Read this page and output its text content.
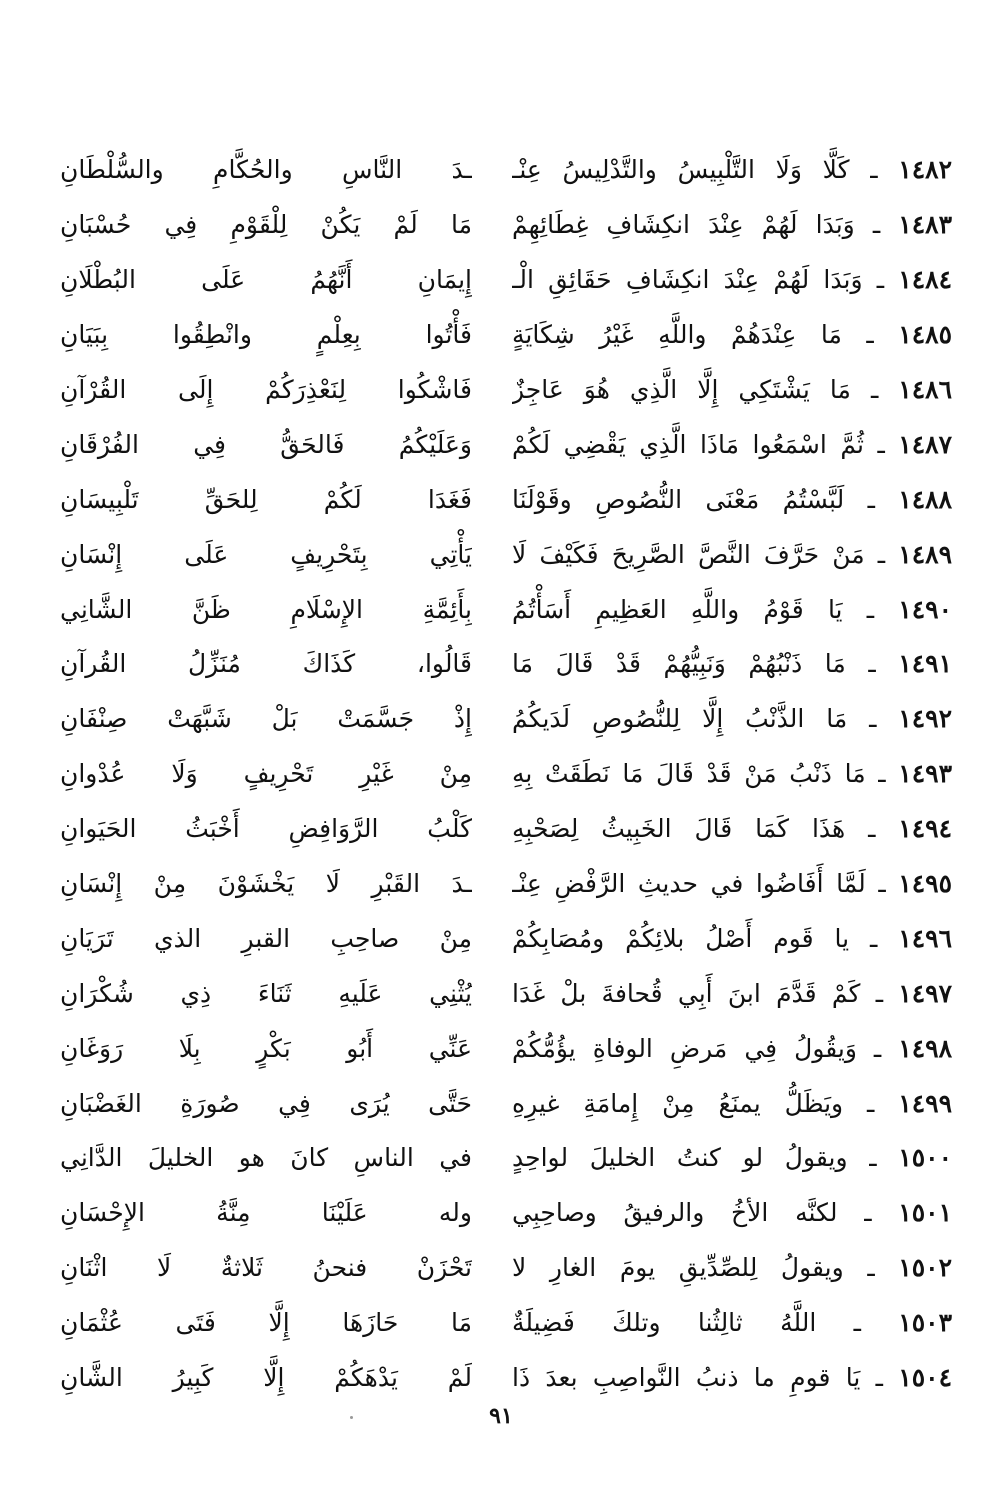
١٤٨٢ ـ كَلَّا وَلَا التَّلْبِيسُ والتَّدْلِيسُ عِنْـ
ـدَ النَّاسِ والحُكَّامِ والسُّلْطَانِ
١٤٨٣ ـ وَبَدَا لَهُمْ عِنْدَ انكِشَافِ غِطَائِهِمْ
مَا لَمْ يَكُنْ لِلْقَوْمِ فِي حُسْبَانِ
١٤٨٤ ـ وَبَدَا لَهُمْ عِنْدَ انكِشَافِ حَقَائِقِ الْـ
إِيمَانِ أَنَّهُمُ عَلَى البُطْلَانِ
١٤٨٥ ـ مَا عِنْدَهُمْ واللَّهِ غَيْرُ شِكَايَةٍ
فَأْتُوا بِعِلْمٍ وانْطِقُوا بِبَيَانِ
١٤٨٦ ـ مَا يَشْتَكِي إِلَّا الَّذِي هُوَ عَاجِزٌ
فَاشْكُوا لِنَعْذِرَكُمْ إِلَى القُرْآنِ
١٤٨٧ ـ ثُمَّ اسْمَعُوا مَاذَا الَّذِي يَقْضِي لَكُمْ
وَعَلَيْكُمُ فَالحَقُّ فِي الفُرْقَانِ
١٤٨٨ ـ لَبَّسْتُمُ مَعْنَى النُّصُوصِ وقَوْلَنَا
فَغَدَا لَكُمْ لِلحَقِّ تَلْبِيسَانِ
١٤٨٩ ـ مَنْ حَرَّفَ النَّصَّ الصَّرِيحَ فَكَيْفَ لَا
يَأْتِي بِتَحْرِيفٍ عَلَى إِنْسَانِ
١٤٩٠ ـ يَا قَوْمُ واللَّهِ العَظِيمِ أَسَأْتُمُ
بِأَئِمَّةِ الإِسْلَامِ ظَنَّ الشَّانِي
١٤٩١ ـ مَا ذَنْبُهُمْ وَنَبِيُّهُمْ قَدْ قَالَ مَا
قَالُوا، كَذَاكَ مُنَزِّلُ القُرآنِ
١٤٩٢ ـ مَا الذَّنْبُ إِلَّا لِلنُّصُوصِ لَدَيكُمُ
إِذْ جَسَّمَتْ بَلْ شَبَّهَتْ صِنْفَانِ
١٤٩٣ ـ مَا ذَنْبُ مَنْ قَدْ قَالَ مَا نَطَقَتْ بِهِ
مِنْ غَيْرِ تَحْرِيفٍ وَلَا عُدْوانِ
١٤٩٤ ـ هَذَا كَمَا قَالَ الخَبِيثُ لِصَحْبِهِ
كَلْبُ الرَّوَافِضِ أَخْبَثُ الحَيَوانِ
١٤٩٥ ـ لَمَّا أَفَاضُوا في حديثِ الرَّفْضِ عِنْـ
ـدَ القَبْرِ لَا يَخْشَوْنَ مِنْ إِنْسَانِ
١٤٩٦ ـ يا قَوم أَصْلُ بلائِكُمْ ومُصَابِكُمْ
مِنْ صاحِبِ القبرِ الذي تَرَيَانِ
١٤٩٧ ـ كَمْ قَدَّمَ ابنَ أَبِي قُحافةَ بلْ غَدَا
يُثْنِي عَلَيهِ ثَنَاءَ ذِي شُكْرَانِ
١٤٩٨ ـ وَيقُولُ فِي مَرضِ الوفاةِ يؤُمُّكُمْ
عَنِّي أَبُو بَكْرٍ بِلَا رَوَغَانِ
١٤٩٩ ـ ويَظَلُّ يمنَعُ مِنْ إِمامَةِ غيرِهِ
حَتَّى يُرَى فِي صُورَةِ الغَضْبَانِ
١٥٠٠ ـ ويقولُ لو كنتُ الخليلَ لواحِدٍ
في الناسِ كانَ هو الخليلَ الدَّانِي
١٥٠١ ـ لكنَّه الأخُ والرفيقُ وصاحِبِي
وله عَلَيْنَا مِنَّةُ الإِحْسَانِ
١٥٠٢ ـ ويقولُ لِلصِّدِّيقِ يومَ الغارِ لا
تَحْزَنْ فنحنُ ثَلاثةٌ لَا اثْنَانِ
١٥٠٣ ـ اللَّهُ ثالِثُنا وتلكَ فَضِيلَةٌ
مَا حَازَهَا إِلَّا فَتَى عُثْمَانِ
١٥٠٤ ـ يَا قومِ ما ذنبُ النَّواصِبِ بعدَ ذَا
لَمْ يَدْهَكُمْ إِلَّا كَبِيرُ الشَّانِ
٩١
